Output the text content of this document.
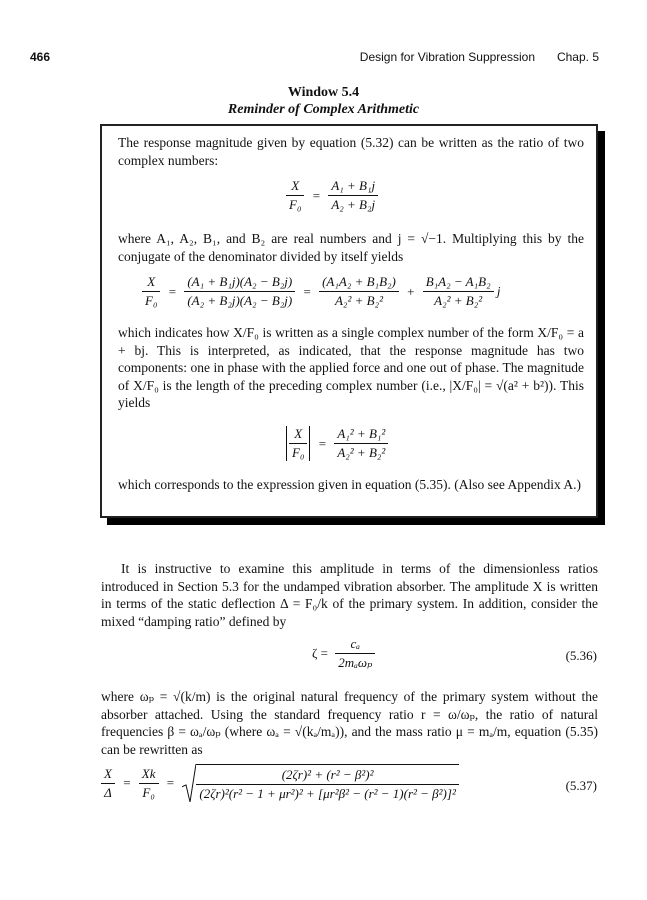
466	Design for Vibration Suppression Chap. 5
Window 5.4
Reminder of Complex Arithmetic
The response magnitude given by equation (5.32) can be written as the ratio of two complex numbers:
$\frac{X}{\text{F₀}} = \frac{\text{A₁ + B₁j}}{\text{A₂ + B₂j}}$
where A₁, A₂, B₁, and B₂ are real numbers and j = √−1. Multiplying this by the conjugate of the denominator divided by itself yields
$\frac{X}{\text{F₀}} = \frac{\text{(A₁ + B₁j)(A₂ − B₂j)}}{\text{(A₂ + B₂j)(A₂ − B₂j)}} = \frac{\text{(A₁A₂ + B₁B₂)}}{\text{A₂² + B₂²}} + \frac{\text{B₁A₂ − A₁B₂}}{\text{A₂² + B₂²}}$ j
which indicates how X/F₀ is written as a single complex number of the form X/F₀ = a + bj. This is interpreted, as indicated, that the response magnitude has two components: one in phase with the applied force and one out of phase. The magnitude of X/F₀ is the length of the preceding complex number (i.e., |X/F₀| = √(a² + b²)). This yields
$\frac{X}{\text{F₀}} = \frac{\text{A₁² + B₁²}}{\text{A₂² + B₂²}}$
which corresponds to the expression given in equation (5.35). (Also see Appendix A.)
It is instructive to examine this amplitude in terms of the dimensionless ratios introduced in Section 5.3 for the undamped vibration absorber. The amplitude X is written in terms of the static deflection Δ = F₀/k of the primary system. In addition, consider the mixed “damping ratio” defined by
$\zeta = \frac{\text{cₐ}}{\text{2mₐωₚ}}$	(5.36)
where ωₚ = √(k/m) is the original natural frequency of the primary system without the absorber attached. Using the standard frequency ratio r = ω/ωₚ, the ratio of natural frequencies β = ωₐ/ωₚ (where ωₐ = √(kₐ/mₐ)), and the mass ratio μ = mₐ/m, equation (5.35) can be rewritten as
$\frac{X}{\Delta} = \frac{Xk}{\text{F₀}} = \frac{\text{(2ζr)² + (r² − β²)²}}{\text{(2ζr)²(r² − 1 + μr²)² + [μr²β² − (r² − 1)(r² − β²)]²}}$	(5.37)
